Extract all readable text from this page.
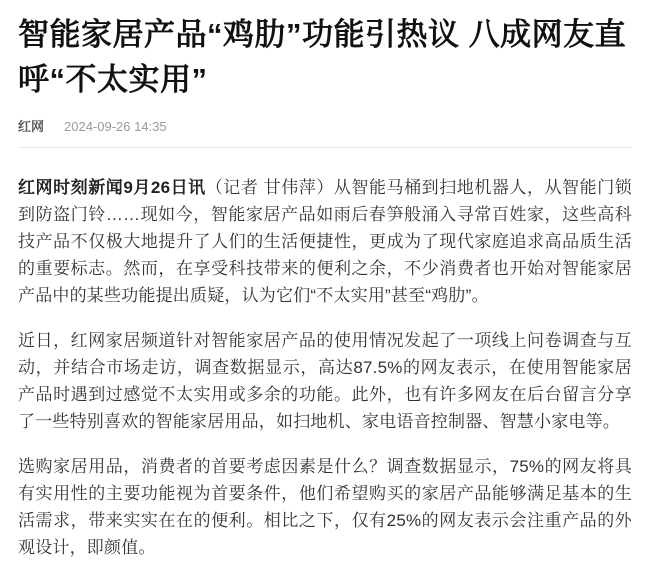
智能家居产品“鸡肋”功能引热议 八成网友直呼“不太实用”
红网 2024-09-26 14:35

红网时刻新闻9月26日讯（记者 甘伟萍）从智能马桶到扫地机器人，从智能门锁到防盗门铃……现如今，智能家居产品如雨后春笋般涌入寻常百姓家，这些高科技产品不仅极大地提升了人们的生活便捷性，更成为了现代家庭追求高品质生活的重要标志。然而，在享受科技带来的便利之余，不少消费者也开始对智能家居产品中的某些功能提出质疑，认为它们“不太实用”甚至“鸡肋”。

近日，红网家居频道针对智能家居产品的使用情况发起了一项线上问卷调查与互动，并结合市场走访，调查数据显示，高达87.5%的网友表示，在使用智能家居产品时遇到过感觉不太实用或多余的功能。此外，也有许多网友在后台留言分享了一些特别喜欢的智能家居用品，如扫地机、家电语音控制器、智慧小家电等。

选购家居用品，消费者的首要考虑因素是什么？调查数据显示，75%的网友将具有实用性的主要功能视为首要条件，他们希望购买的家居产品能够满足基本的生活需求，带来实实在在的便利。相比之下，仅有25%的网友表示会注重产品的外观设计，即颜值。
